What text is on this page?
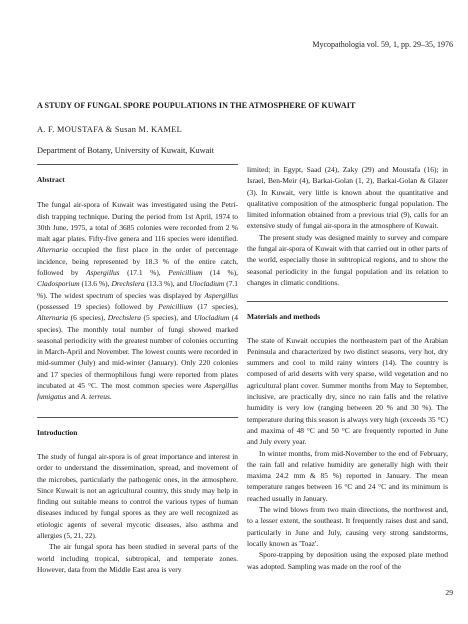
Mycopathologia vol. 59, 1, pp. 29–35, 1976
A STUDY OF FUNGAL SPORE POUPULATIONS IN THE ATMOSPHERE OF KUWAIT
A. F. MOUSTAFA & Susan M. KAMEL
Department of Botany, University of Kuwait, Kuwait
Abstract

The fungal air-spora of Kuwait was investigated using the Petri-dish trapping technique. During the period from 1st April, 1974 to 30th June, 1975, a total of 3685 colonies were recorded from 2 % malt agar plates. Fifty-five genera and 116 species were identified. Alternaria occupied the first place in the order of percentage incidence, being represented by 18.3 % of the entire catch, followed by Aspergillus (17.1 %), Penicillium (14 %), Cladosporium (13.6 %), Drechslera (13.3 %), and Ulocladium (7.1 %). The widest spectrum of species was displayed by Aspergillus (possessed 19 species) followed by Penicillium (17 species), Alternaria (6 species), Drechslera (5 species), and Ulocladium (4 species). The monthly total number of fungi showed marked seasonal periodicity with the greatest number of colonies occurring in March-April and November. The lowest counts were recorded in mid-summer (July) and mid-winter (January). Only 220 colonies and 17 species of thermophilous fungi were reported from plates incubated at 45 °C. The most common species were Aspergillus fumigatus and A. terreus.

Introduction

The study of fungal air-spora is of great importance and interest in order to understand the dissemination, spread, and movement of the microbes, particularly the pathogenic ones, in the atmosphere. Since Kuwait is not an agricultural country, this study may help in finding out suitable means to control the various types of human diseases induced by fungal spores as they are well recognized as etiologic agents of several mycotic diseases, also asthma and allergies (5, 21, 22).

The air fungal spora has been studied in several parts of the world including tropical, subtropical, and temperate zones. However, data from the Middle East area is very

limited; in Egypt, Saad (24), Zaky (29) and Moustafa (16); in Israel, Ben-Meir (4), Barkai-Golan (1, 2), Barkai-Golan & Glazer (3). In Kuwait, very little is known about the quantitative and qualitative composition of the atmospheric fungal population. The limited information obtained from a previous trial (9), calls for an extensive study of fungal air-spora in the atmosphere of Kuwait.

The present study was designed mainly to survey and compare the fungal air-spora of Kuwait with that carried out in other parts of the world, especially those in subtropical regions, and to show the seasonal periodicity in the fungal population and its relation to changes in climatic conditions.

Materials and methods

The state of Kuwait occupies the northeastern part of the Arabian Peninsula and characterized by two distinct seasons, very hot, dry summers and cool to mild rainy winters (14). The country is composed of arid deserts with very sparse, wild vegetation and no agricultural plant cover. Summer months from May to September, inclusive, are practically dry, since no rain falls and the relative humidity is very low (ranging between 20 % and 30 %). The temperature during this season is always very high (exceeds 35 °C) and maxima of 48 °C and 50 °C are frequently reported in June and July every year.

In winter months, from mid-November to the end of February, the rain fall and relative humidity are generally high with their maxima 24.2 mm & 85 %) reported in January. The mean temperature ranges between 16 °C and 24 °C and its minimum is reached usually in January.

The wind blows from two main directions, the northwest and, to a lesser extent, the southeast. It frequently raises dust and sand, particularly in June and July, causing very strong sandstorms, locally known as 'Toaz'.

Spore-trapping by deposition using the exposed plate method was adopted. Sampling was made on the roof of the

29
